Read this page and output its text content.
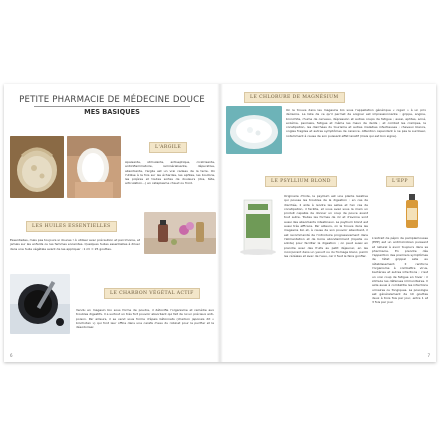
PETITE PHARMACIE DE MÉDECINE DOUCE
MES BASIQUES
L'ARGILE

Apaisante, stimulante, antiseptique, cicatrisante, antiinflammatoire, reminéralisante, dépurative, absorbante, l'argile est un vrai cadeau de la terre. On l'utilise à la fois sur les échardes, les aphtes, les boutons, les piqûres et toutes sortes de douleurs (dos, tête, articulation…) en cataplasme chaud ou froid.

LES HUILES ESSENTIELLES

Essentielles, mais pas toujours si douces ! À utiliser avec précaution et parcimonie, et jamais sur les enfants ou les femmes enceintes. Quelques huiles essentielles à diluer dans une huile végétale avant de les appliquer : 1 ml = 25 gouttes.

LE CHARBON VÉGÉTAL ACTIF

Vendu en magasin bio sous forme de poudre, il détoxifie l'organisme et remédie aux troubles digestifs. Il a surtout un très fort pouvoir absorbant qui fait de lui un précieux anti-poison. Par ailleurs, il se vend sous forme d'épais bâtonnets (charbon japonais dit « binchotan ») qui font leur office dans une carafe d'eau du robinet pour la purifier et la désodoriser.

6
LE CHLORURE DE MAGNÉSIUM

On le trouve dans les magasins bio sous l'appellation générique « nigari » à un prix dérisoire. La liste de ce qu'il permet de soigner est impressionnante : grippe, angine, bronchite, rhume de cerveau, dépression et autres coups de fatigue ; aussi, aphtes, acné, eczéma, psoriasis, fatigue et même les maux de dents ; et combat les crampes, la constipation, les diarrhées du tourisme et autres maladies infectieuses ; cheveux blancs, ongles fragiles et autres symptômes de carence. Attention cependant à ne pas le surdoser, notamment à cause de son puissant effet laxatif (mais qui est bon signe).

LE PSYLLIUM BLOND

Originaire d'Inde, le psyllium est une plante laxative qui pousse les troubles de la digestion : en cas de diarrhée, il aide à rendre les selles et l'en cas de constipation, il facilite, et vous avez sous la main un produit capable de donner un coup de pouce avant tout autre. Toutes les formes de riz et d'avoine sont aussi des absorbants intestinaux. Le psyllium blond est aussi très efficace. Par ailleurs, on le trouve dans les magasins bio et, à cause de son pouvoir absorbant, il est recommandé de l'introduire progressivement dans l'alimentation et de boire abondamment (liquide ou solide) pour faciliter la digestion ; on peut aussi en prendre avec des fruits au petit déjeuner, en les incorporant dans un yaourt ou du fromage blanc, parmi les céréales et avec de l'eau, car il faut le faire gonfler.

L'EPP

L'extrait de pépin de pamplemousse (EPP) est un antimicrobien puissant et naturel à avoir toujours dans sa pharmacie. En prendre dès l'apparition des premiers symptômes de l'état grippal aide au rétablissement. Il renforce l'organisme à combattre virus, bactéries et autres infections ; c'est un vrai coup de fatigue en hiver : il stimule les défenses immunitaires. Il aide aussi à combattre les infections urinaires ou fongiques. La posologie est généralement de 10 gouttes deux à trois fois par jour, entre 1 et 3 fois par jour.

7
